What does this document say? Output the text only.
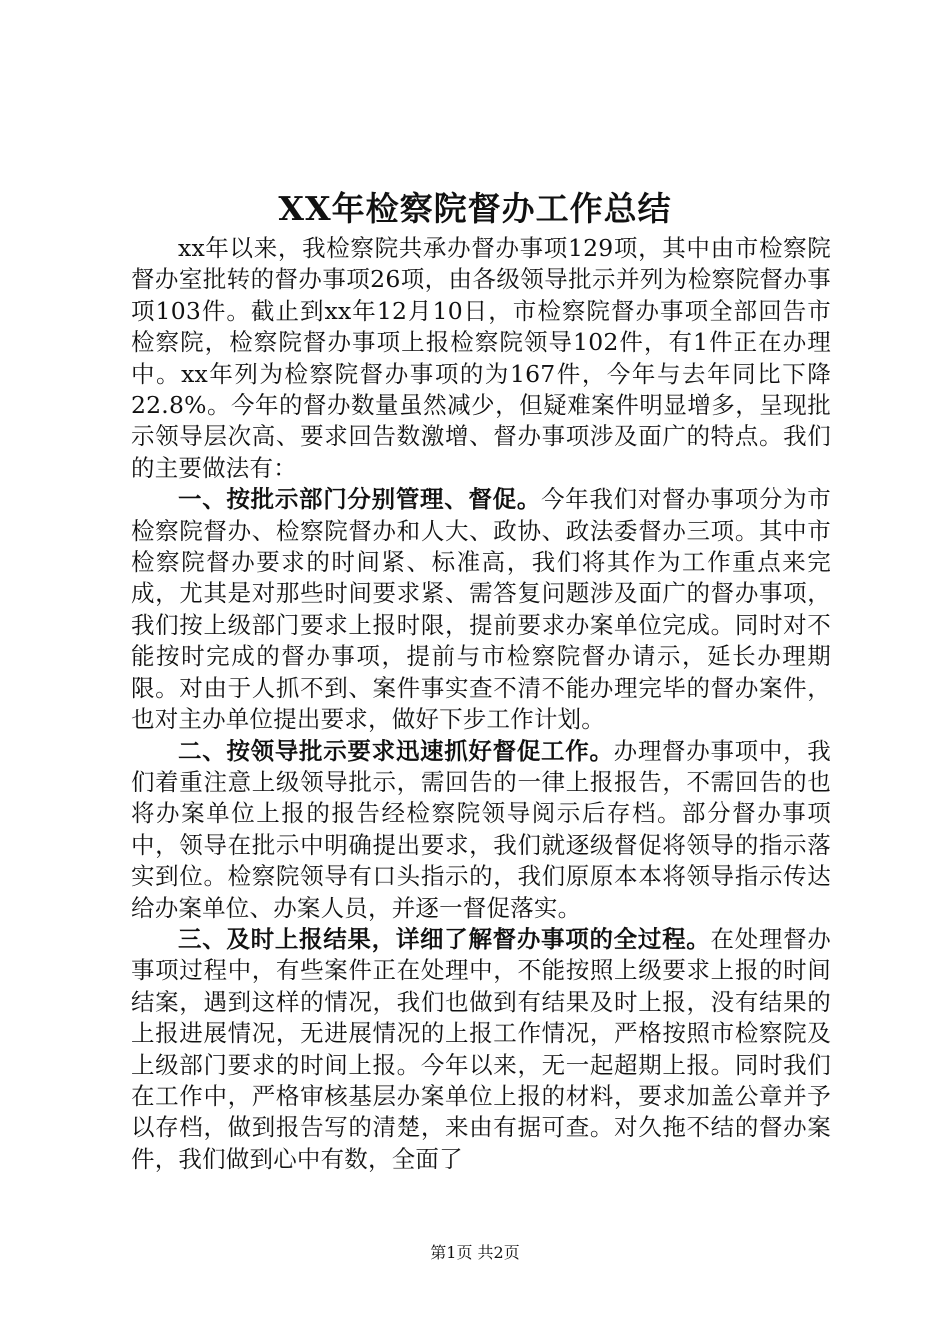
XX年检察院督办工作总结

xx年以来，我检察院共承办督办事项129项，其中由市检察院督办室批转的督办事项26项，由各级领导批示并列为检察院督办事项103件。截止到xx年12月10日，市检察院督办事项全部回告市检察院，检察院督办事项上报检察院领导102件，有1件正在办理中。xx年列为检察院督办事项的为167件，今年与去年同比下降22.8%。今年的督办数量虽然减少，但疑难案件明显增多，呈现批示领导层次高、要求回告数激增、督办事项涉及面广的特点。我们的主要做法有：

一、按批示部门分别管理、督促。今年我们对督办事项分为市检察院督办、检察院督办和人大、政协、政法委督办三项。其中市检察院督办要求的时间紧、标准高，我们将其作为工作重点来完成，尤其是对那些时间要求紧、需答复问题涉及面广的督办事项，我们按上级部门要求上报时限，提前要求办案单位完成。同时对不能按时完成的督办事项，提前与市检察院督办请示，延长办理期限。对由于人抓不到、案件事实查不清不能办理完毕的督办案件，也对主办单位提出要求，做好下步工作计划。

二、按领导批示要求迅速抓好督促工作。办理督办事项中，我们着重注意上级领导批示，需回告的一律上报报告，不需回告的也将办案单位上报的报告经检察院领导阅示后存档。部分督办事项中，领导在批示中明确提出要求，我们就逐级督促将领导的指示落实到位。检察院领导有口头指示的，我们原原本本将领导指示传达给办案单位、办案人员，并逐一督促落实。

三、及时上报结果，详细了解督办事项的全过程。在处理督办事项过程中，有些案件正在处理中，不能按照上级要求上报的时间结案，遇到这样的情况，我们也做到有结果及时上报，没有结果的上报进展情况，无进展情况的上报工作情况，严格按照市检察院及上级部门要求的时间上报。今年以来，无一起超期上报。同时我们在工作中，严格审核基层办案单位上报的材料，要求加盖公章并予以存档，做到报告写的清楚，来由有据可查。对久拖不结的督办案件，我们做到心中有数，全面了

第1页 共2页
